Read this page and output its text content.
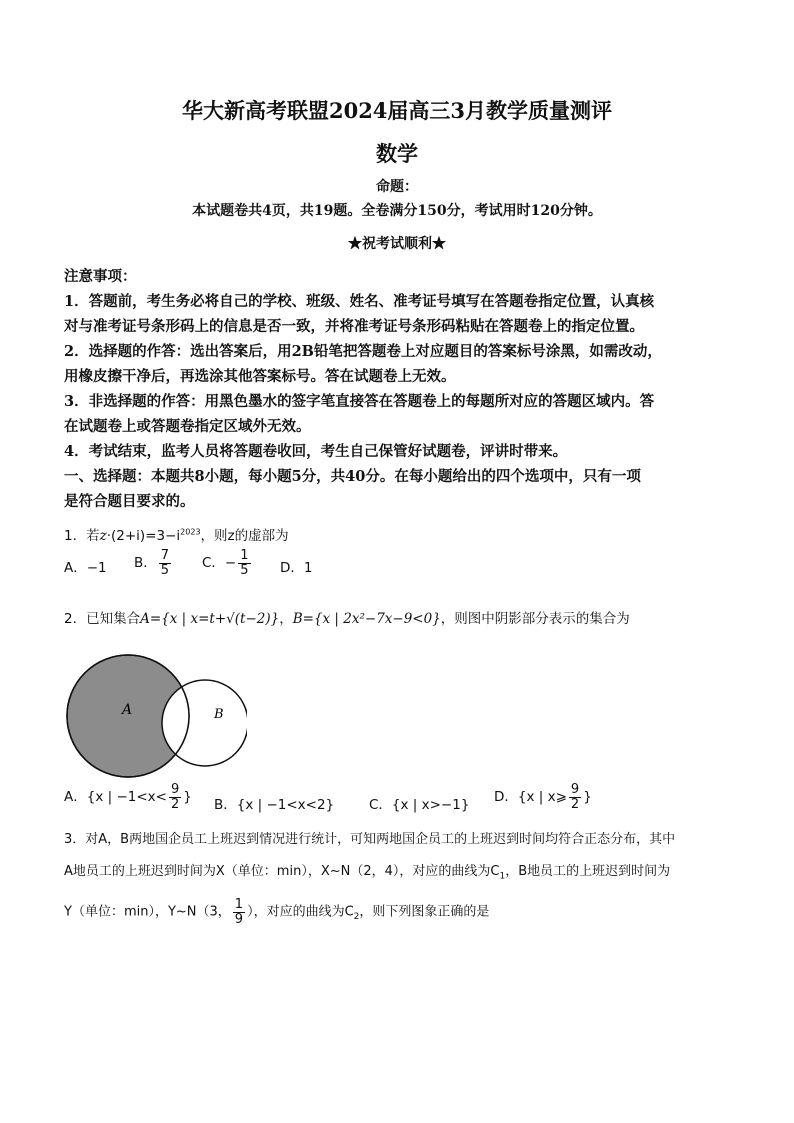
华大新高考联盟2024届高三3月教学质量测评
数学
命题：
本试题卷共4页，共19题。全卷满分150分，考试用时120分钟。
★祝考试顺利★
注意事项：
1．答题前，考生务必将自己的学校、班级、姓名、准考证号填写在答题卷指定位置，认真核
对与准考证号条形码上的信息是否一致，并将准考证号条形码粘贴在答题卷上的指定位置。
2．选择题的作答：选出答案后，用2B铅笔把答题卷上对应题目的答案标号涂黑，如需改动，
用橡皮擦干净后，再选涂其他答案标号。答在试题卷上无效。
3．非选择题的作答：用黑色墨水的签字笔直接答在答题卷上的每题所对应的答题区域内。答
在试题卷上或答题卷指定区域外无效。
4．考试结束，监考人员将答题卷收回，考生自己保管好试题卷，评讲时带来。
一、选择题：本题共8小题，每小题5分，共40分。在每小题给出的四个选项中，只有一项
是符合题目要求的。
1．若$z\cdot(2+i)=3-i^{2023}$，则z的虚部为
A．−1 B． $\frac{7}{5}$ C．− $\frac{1}{5}$ D．1
2．已知集合A={x | x=t+√(t−2)}，B={x | 2x²−7x−9<0}，则图中阴影部分表示的集合为
A	B
A．{x | $-1<x< \frac{9}{2}$ } B．{x | −1<x<2}	C．{x | x>−1} D．{x | x⩾ $\frac{9}{2}$ }
3．对A，B两地国企员工上班迟到情况进行统计，可知两地国企员工的上班迟到时间均符合正态分布，其中
A地员工的上班迟到时间为X（单位：min），X~N（2，4），对应的曲线为$C_1$，B地员工的上班迟到时间为
Y（单位：min），Y~N（3， $\frac{1}{9}$ ），对应的曲线为$C_2$，则下列图象正确的是
